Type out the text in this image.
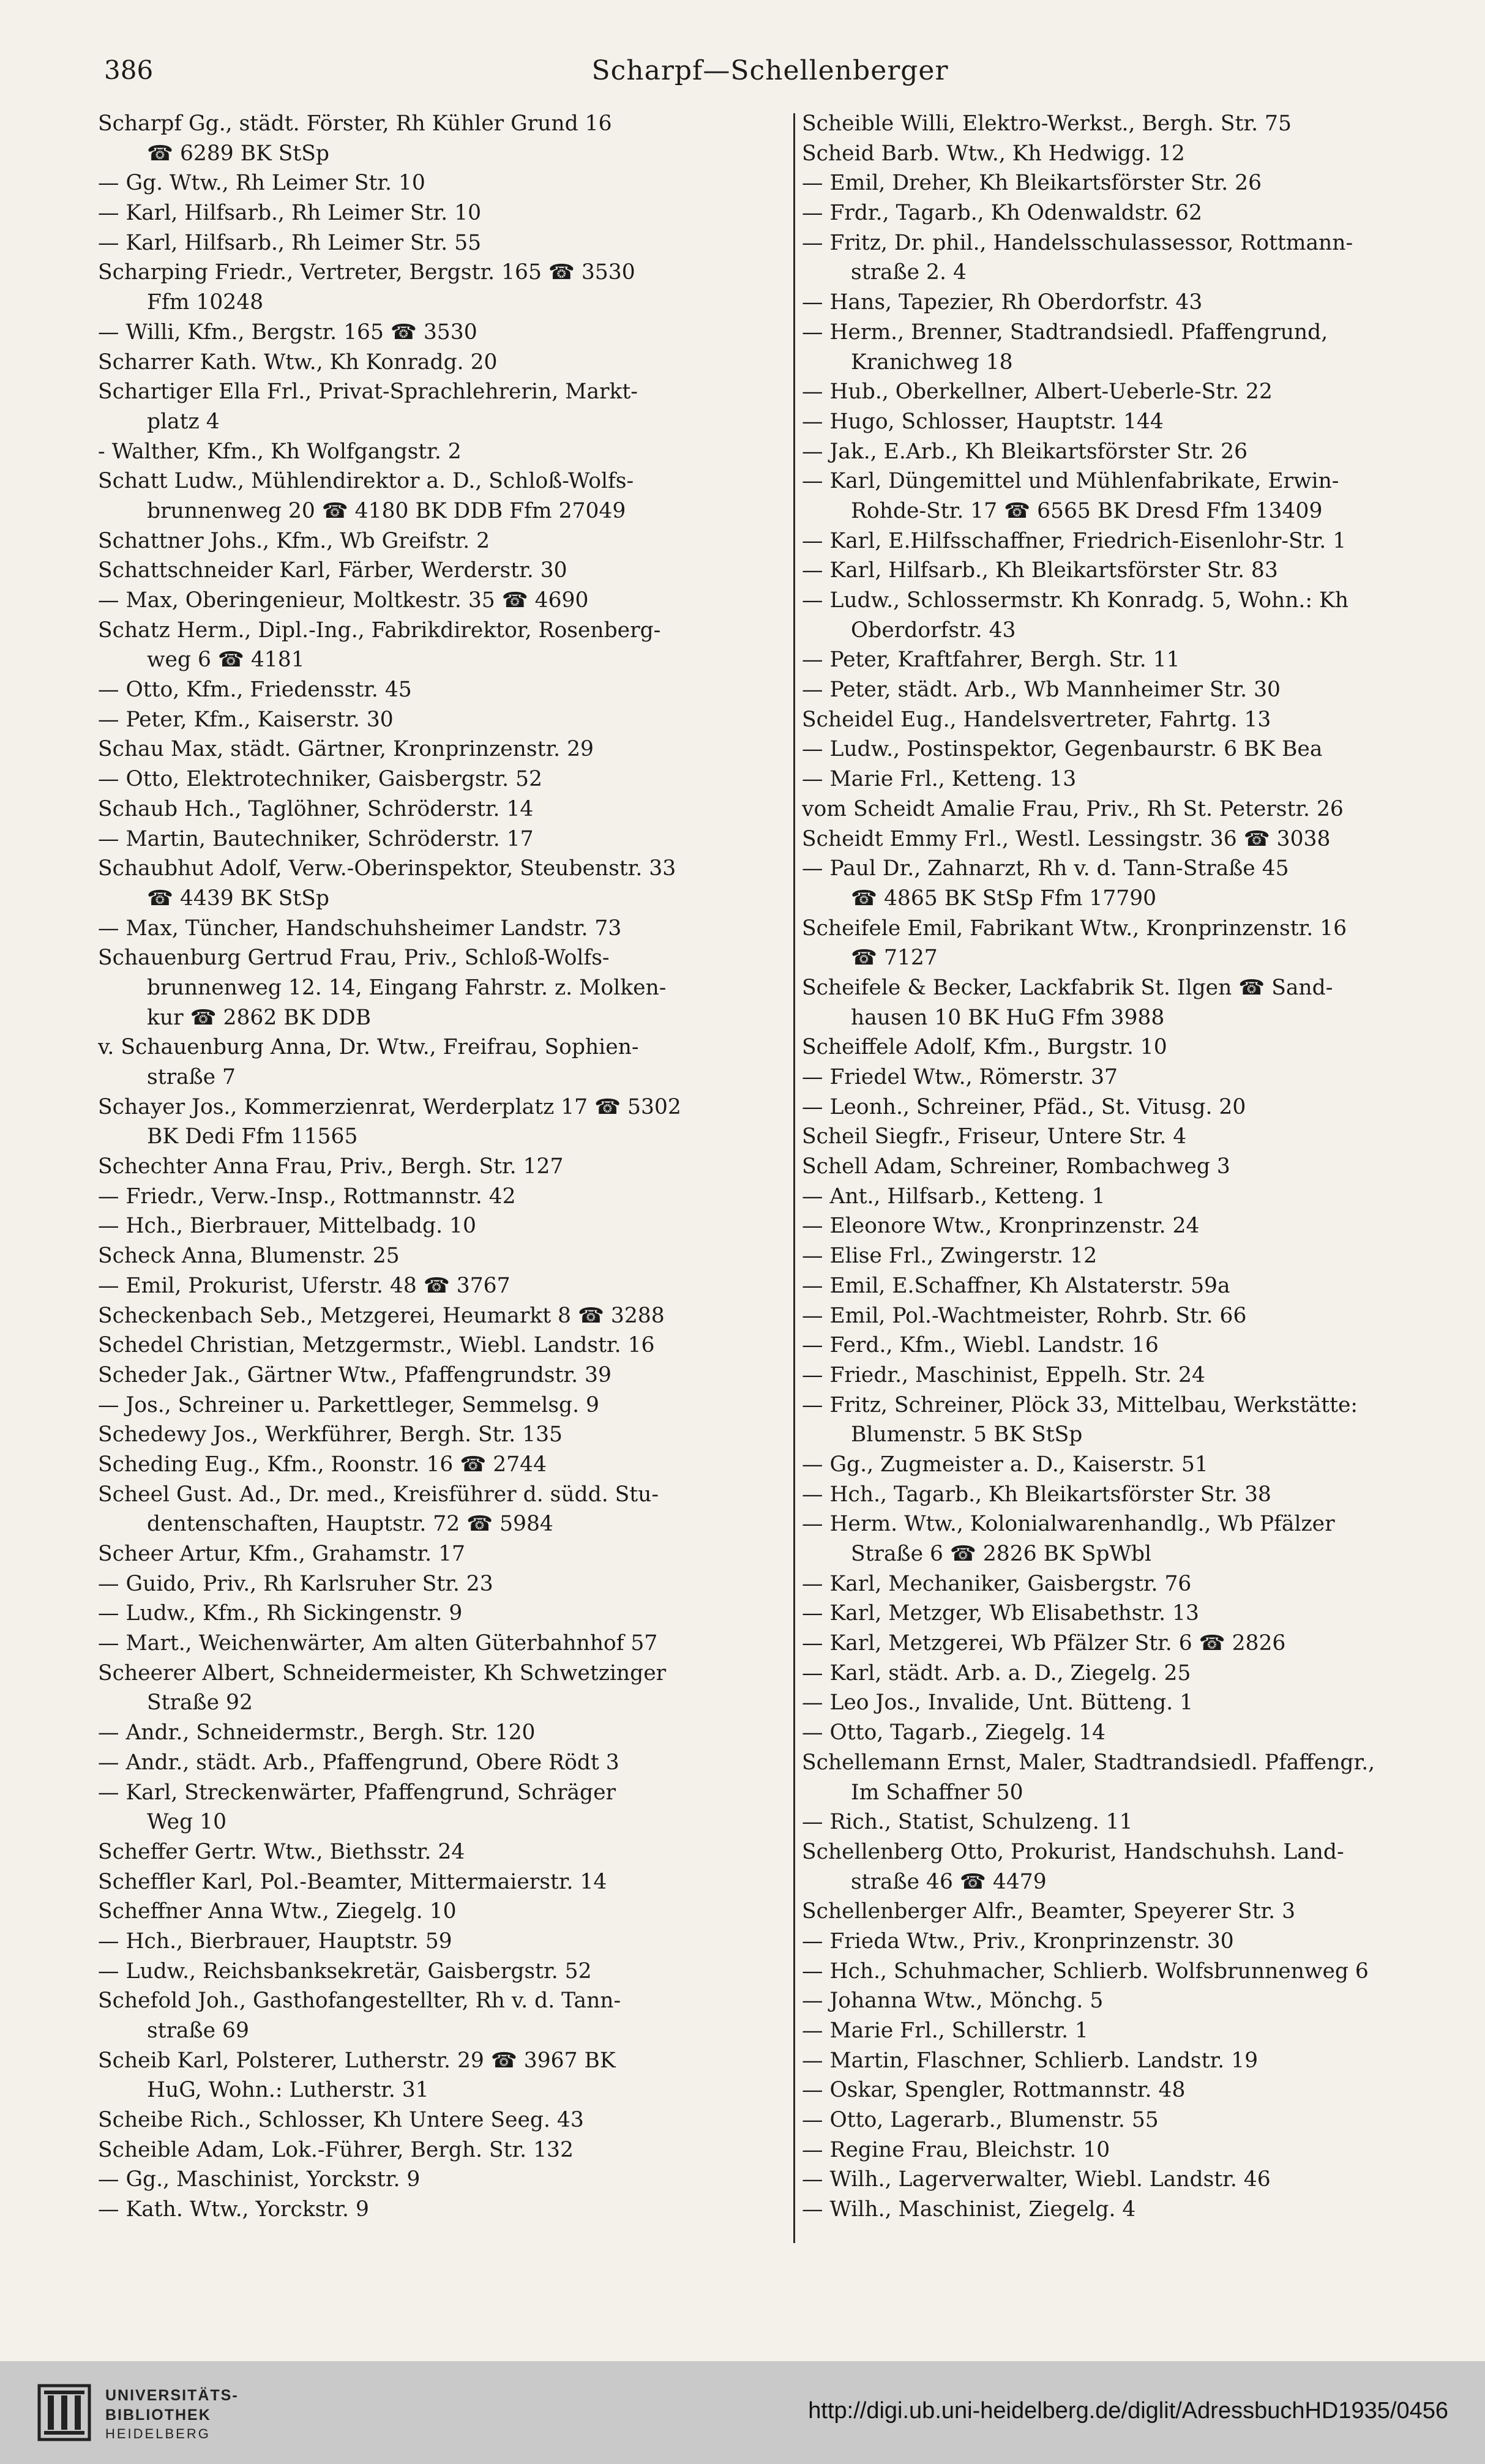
386	Scharpf—Schellenberger
Scharpf Gg., städt. Förster, Rh Kühler Grund 16
☎ 6289 BK StSp
— Gg. Wtw., Rh Leimer Str. 10
— Karl, Hilfsarb., Rh Leimer Str. 10
— Karl, Hilfsarb., Rh Leimer Str. 55
Scharping Friedr., Vertreter, Bergstr. 165 ☎ 3530
Ffm 10248
— Willi, Kfm., Bergstr. 165 ☎ 3530
Scharrer Kath. Wtw., Kh Konradg. 20
Schartiger Ella Frl., Privat-Sprachlehrerin, Markt-
platz 4
- Walther, Kfm., Kh Wolfgangstr. 2
Schatt Ludw., Mühlendirektor a. D., Schloß-Wolfs-
brunnenweg 20 ☎ 4180 BK DDB Ffm 27049
Schattner Johs., Kfm., Wb Greifstr. 2
Schattschneider Karl, Färber, Werderstr. 30
— Max, Oberingenieur, Moltkestr. 35 ☎ 4690
Schatz Herm., Dipl.-Ing., Fabrikdirektor, Rosenberg-
weg 6 ☎ 4181
— Otto, Kfm., Friedensstr. 45
— Peter, Kfm., Kaiserstr. 30
Schau Max, städt. Gärtner, Kronprinzenstr. 29
— Otto, Elektrotechniker, Gaisbergstr. 52
Schaub Hch., Taglöhner, Schröderstr. 14
— Martin, Bautechniker, Schröderstr. 17
Schaubhut Adolf, Verw.-Oberinspektor, Steubenstr. 33
☎ 4439 BK StSp
— Max, Tüncher, Handschuhsheimer Landstr. 73
Schauenburg Gertrud Frau, Priv., Schloß-Wolfs-
brunnenweg 12. 14, Eingang Fahrstr. z. Molken-
kur ☎ 2862 BK DDB
v. Schauenburg Anna, Dr. Wtw., Freifrau, Sophien-
straße 7
Schayer Jos., Kommerzienrat, Werderplatz 17 ☎ 5302
BK Dedi Ffm 11565
Schechter Anna Frau, Priv., Bergh. Str. 127
— Friedr., Verw.-Insp., Rottmannstr. 42
— Hch., Bierbrauer, Mittelbadg. 10
Scheck Anna, Blumenstr. 25
— Emil, Prokurist, Uferstr. 48 ☎ 3767
Scheckenbach Seb., Metzgerei, Heumarkt 8 ☎ 3288
Schedel Christian, Metzgermstr., Wiebl. Landstr. 16
Scheder Jak., Gärtner Wtw., Pfaffengrundstr. 39
— Jos., Schreiner u. Parkettleger, Semmelsg. 9
Schedewy Jos., Werkführer, Bergh. Str. 135
Scheding Eug., Kfm., Roonstr. 16 ☎ 2744
Scheel Gust. Ad., Dr. med., Kreisführer d. südd. Stu-
dentenschaften, Hauptstr. 72 ☎ 5984
Scheer Artur, Kfm., Grahamstr. 17
— Guido, Priv., Rh Karlsruher Str. 23
— Ludw., Kfm., Rh Sickingenstr. 9
— Mart., Weichenwärter, Am alten Güterbahnhof 57
Scheerer Albert, Schneidermeister, Kh Schwetzinger
Straße 92
— Andr., Schneidermstr., Bergh. Str. 120
— Andr., städt. Arb., Pfaffengrund, Obere Rödt 3
— Karl, Streckenwärter, Pfaffengrund, Schräger
Weg 10
Scheffer Gertr. Wtw., Biethsstr. 24
Scheffler Karl, Pol.-Beamter, Mittermaierstr. 14
Scheffner Anna Wtw., Ziegelg. 10
— Hch., Bierbrauer, Hauptstr. 59
— Ludw., Reichsbanksekretär, Gaisbergstr. 52
Schefold Joh., Gasthofangestellter, Rh v. d. Tann-
straße 69
Scheib Karl, Polsterer, Lutherstr. 29 ☎ 3967 BK
HuG, Wohn.: Lutherstr. 31
Scheibe Rich., Schlosser, Kh Untere Seeg. 43
Scheible Adam, Lok.-Führer, Bergh. Str. 132
— Gg., Maschinist, Yorckstr. 9
— Kath. Wtw., Yorckstr. 9
Scheible Willi, Elektro-Werkst., Bergh. Str. 75
Scheid Barb. Wtw., Kh Hedwigg. 12
— Emil, Dreher, Kh Bleikartsförster Str. 26
— Frdr., Tagarb., Kh Odenwaldstr. 62
— Fritz, Dr. phil., Handelsschulassessor, Rottmann-
straße 2. 4
— Hans, Tapezier, Rh Oberdorfstr. 43
— Herm., Brenner, Stadtrandsiedl. Pfaffengrund,
Kranichweg 18
— Hub., Oberkellner, Albert-Ueberle-Str. 22
— Hugo, Schlosser, Hauptstr. 144
— Jak., E.Arb., Kh Bleikartsförster Str. 26
— Karl, Düngemittel und Mühlenfabrikate, Erwin-
Rohde-Str. 17 ☎ 6565 BK Dresd Ffm 13409
— Karl, E.Hilfsschaffner, Friedrich-Eisenlohr-Str. 1
— Karl, Hilfsarb., Kh Bleikartsförster Str. 83
— Ludw., Schlossermstr. Kh Konradg. 5, Wohn.: Kh
Oberdorfstr. 43
— Peter, Kraftfahrer, Bergh. Str. 11
— Peter, städt. Arb., Wb Mannheimer Str. 30
Scheidel Eug., Handelsvertreter, Fahrtg. 13
— Ludw., Postinspektor, Gegenbaurstr. 6 BK Bea
— Marie Frl., Ketteng. 13
vom Scheidt Amalie Frau, Priv., Rh St. Peterstr. 26
Scheidt Emmy Frl., Westl. Lessingstr. 36 ☎ 3038
— Paul Dr., Zahnarzt, Rh v. d. Tann-Straße 45
☎ 4865 BK StSp Ffm 17790
Scheifele Emil, Fabrikant Wtw., Kronprinzenstr. 16
☎ 7127
Scheifele & Becker, Lackfabrik St. Ilgen ☎ Sand-
hausen 10 BK HuG Ffm 3988
Scheiffele Adolf, Kfm., Burgstr. 10
— Friedel Wtw., Römerstr. 37
— Leonh., Schreiner, Pfäd., St. Vitusg. 20
Scheil Siegfr., Friseur, Untere Str. 4
Schell Adam, Schreiner, Rombachweg 3
— Ant., Hilfsarb., Ketteng. 1
— Eleonore Wtw., Kronprinzenstr. 24
— Elise Frl., Zwingerstr. 12
— Emil, E.Schaffner, Kh Alstaterstr. 59a
— Emil, Pol.-Wachtmeister, Rohrb. Str. 66
— Ferd., Kfm., Wiebl. Landstr. 16
— Friedr., Maschinist, Eppelh. Str. 24
— Fritz, Schreiner, Plöck 33, Mittelbau, Werkstätte:
Blumenstr. 5 BK StSp
— Gg., Zugmeister a. D., Kaiserstr. 51
— Hch., Tagarb., Kh Bleikartsförster Str. 38
— Herm. Wtw., Kolonialwarenhandlg., Wb Pfälzer
Straße 6 ☎ 2826 BK SpWbl
— Karl, Mechaniker, Gaisbergstr. 76
— Karl, Metzger, Wb Elisabethstr. 13
— Karl, Metzgerei, Wb Pfälzer Str. 6 ☎ 2826
— Karl, städt. Arb. a. D., Ziegelg. 25
— Leo Jos., Invalide, Unt. Bütteng. 1
— Otto, Tagarb., Ziegelg. 14
Schellemann Ernst, Maler, Stadtrandsiedl. Pfaffengr.,
Im Schaffner 50
— Rich., Statist, Schulzeng. 11
Schellenberg Otto, Prokurist, Handschuhsh. Land-
straße 46 ☎ 4479
Schellenberger Alfr., Beamter, Speyerer Str. 3
— Frieda Wtw., Priv., Kronprinzenstr. 30
— Hch., Schuhmacher, Schlierb. Wolfsbrunnenweg 6
— Johanna Wtw., Mönchg. 5
— Marie Frl., Schillerstr. 1
— Martin, Flaschner, Schlierb. Landstr. 19
— Oskar, Spengler, Rottmannstr. 48
— Otto, Lagerarb., Blumenstr. 55
— Regine Frau, Bleichstr. 10
— Wilh., Lagerverwalter, Wiebl. Landstr. 46
— Wilh., Maschinist, Ziegelg. 4
UNIVERSITÄTS-
BIBLIOTHEK
HEIDELBERG
http://digi.ub.uni-heidelberg.de/diglit/AdressbuchHD1935/0456
